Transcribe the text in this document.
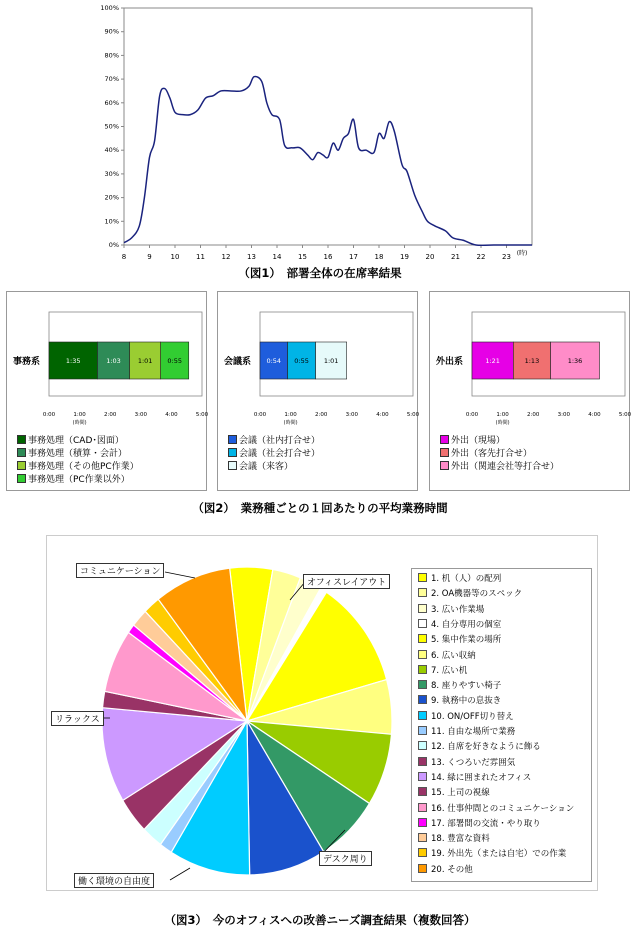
0%
10%
20%
30%
40%
50%
60%
70%
80%
90%
100%
8	9	10 11 12 13 14 15 16 17 18 19 20 21 22 23 (時)
（図1）　部署全体の在席率結果
事務系	1:35	1:03	1:01 0:55
0:00	1:00	2:00	3:00	4:00	5:00
(時間)
事務処理（CAD･図面）
事務処理（積算・会計）
事務処理（その他PC作業）
事務処理（PC作業以外）
会議系 0:54 0:55 1:01
0:00	1:00	2:00	3:00	4:00	5:00
(時間)
会議（社内打合せ）
会議（社会打合せ）
会議（来客）
外出系	1:21	1:13	1:36
0:00	1:00	2:00	3:00	4:00	5:00
(時間)
外出（現場）
外出（客先打合せ）
外出（関連会社等打合せ）
（図2）　業務種ごとの１回あたりの平均業務時間
コミュニケーション
オフィスレイアウト
リラックス
デスク周り
働く環境の自由度
1. 机（人）の配列
2. OA機器等のスペック
3. 広い作業場
4. 自分専用の個室
5. 集中作業の場所
6. 広い収納
7. 広い机
8. 座りやすい椅子
9. 執務中の息抜き
10. ON/OFF切り替え
11. 自由な場所で業務
12. 自席を好きなように飾る
13. くつろいだ雰囲気
14. 緑に囲まれたオフィス
15. 上司の視線
16. 仕事仲間とのコミュニケーション
17. 部署間の交流・やり取り
18. 豊富な資料
19. 外出先（または自宅）での作業
20. その他
（図3）　今のオフィスへの改善ニーズ調査結果（複数回答）
